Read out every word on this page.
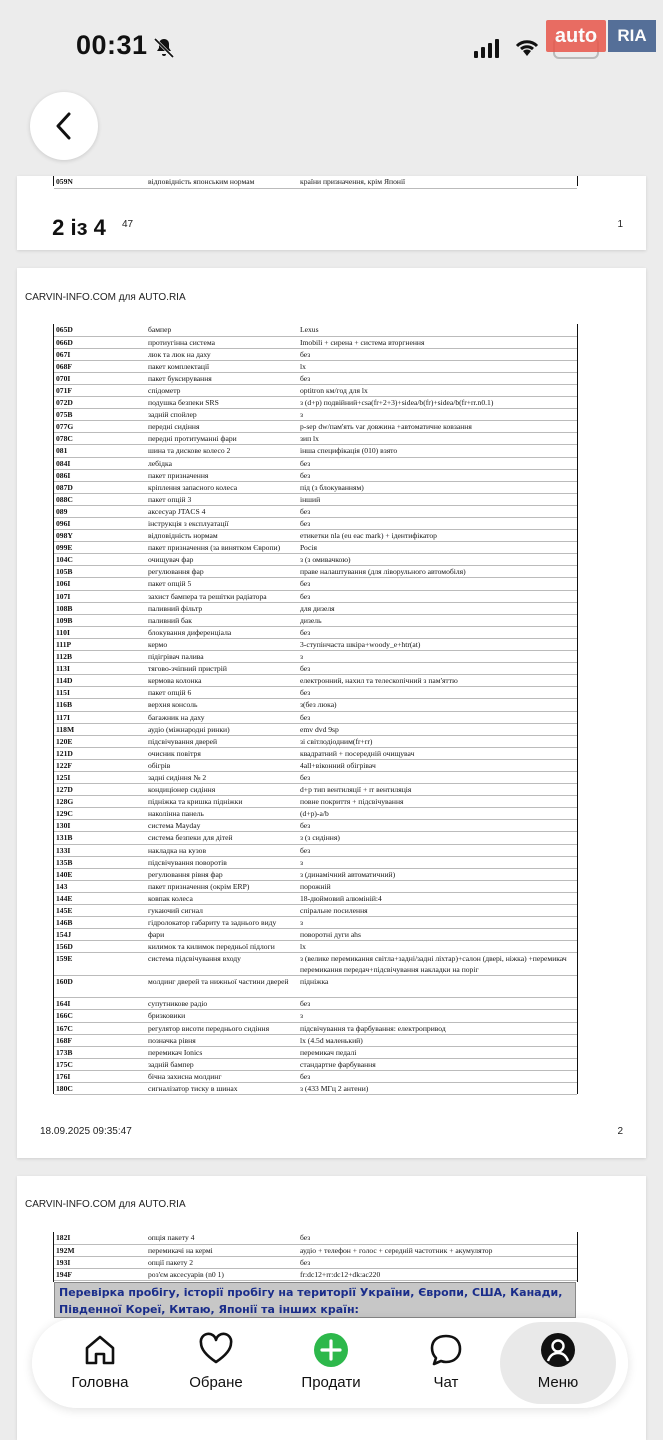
00:31	auto	RIA
059N	відповідність японським нормам	країни призначення, крім Японії
47	1
2 із 4
CARVIN-INFO.COM для AUTO.RIA
065D	бампер	Lexus
066D	протиугінна система	Imobili + сирена + система вторгнення
067I	люк та люк на даху	без
068F	пакет комплектації	lx
070I	пакет буксирування	без
071F	спідометр	optitron км/год для lx
072D	подушка безпеки SRS	з (d+p) подвійний+csa(fr+2+3)+sidea/b(fr)+sidea/b(fr+rr.n0.1)
075B	задній спойлер	з
077G	передні сидіння	p-sep dw/пам'ять var довжина +автоматичне ковзання
078C	передні протитуманні фари	зип lx
081	шина та дискове колесо 2	інша специфікація (010) взято
084I	лебідка	без
086I	пакет призначення	без
087D	кріплення запасного колеса	під (з блокуванням)
088C	пакет опцій 3	інший
089	аксесуар JTACS 4	без
096I	інструкція з експлуатації	без
098Y	відповідність нормам	етикетки nla (eu eac mark) + ідентифікатор
099E	пакет призначення (за винятком Європи)	Росія
104C	очищувач фар	з (з омивачкою)
105B	регулювання фар	праве налаштування (для ліворульного автомобіля)
106I	пакет опцій 5	без
107I	захист бампера та решітки радіатора	без
108B	паливний фільтр	для дизеля
109B	паливний бак	дизель
110I	блокування диференціала	без
111P	кермо	3-ступінчаста шкіра+woody_e+htr(at)
112B	підігрівач палива	з
113I	тягово-зчіпний пристрій	без
114D	кермова колонка	електронний, нахил та телескопічний з пам'яттю
115I	пакет опцій 6	без
116B	верхня консоль	з(без люка)
117I	багажник на даху	без
118M	аудіо (міжнародні ринки)	emv dvd 9sp
120E	підсвічування дверей	зі світлодіодним(fr+rr)
121D	очисник повітря	квадратний + посередній очищувач
122F	обігрів	4all+віконний обігрівач
125I	задні сидіння № 2	без
127D	кондиціонер сидіння	d+p тип вентиляції + rr вентиляція
128G	підніжка та кришка підніжки	повне покриття + підсвічування
129C	наколінна панель	(d+p)-a/b
130I	система Mayday	без
131B	система безпеки для дітей	з (з сидіння)
133I	накладка на кузов	без
135B	підсвічування поворотів	з
140E	регулювання рівня фар	з (динамічний автоматичний)
143	пакет призначення (окрім ERP)	порожній
144E	ковпак колеса	18-дюймовий алюміній:4
145E	гукаючий сигнал	спіральне посилення
146B	гідролокатор габариту та заднього виду	з
154J	фари	поворотні дуги ahs
156D	килимок та килимок передньої підлоги	lx
159E	система підсвічування входу	з (велике перемикання світла+задні/задні ліхтар)+салон (двері, ніжка) +перемикач перемикання передач+підсвічування накладки на поріг
160D	молдинг дверей та нижньої частини дверей	підніжка
164I	супутникове радіо	без
166C	бризковики	з
167C	регулятор висоти переднього сидіння	підсвічування та фарбування: електропривод
168F	позначка рівня	lx (4.5d маленький)
173B	перемикач Ionics	перемикач педалі
175C	задній бампер	стандартне фарбування
176I	бічна захисна молдинг	без
180C	сигналізатор тиску в шинах	з (433 МГц 2 антени)
18.09.2025 09:35:47	2
CARVIN-INFO.COM для AUTO.RIA
182I	опція пакету 4	без
192M	перемикачі на кермі	аудіо + телефон + голос + середній частотник + акумулятор
193I	опції пакету 2	без
194F	роз'єм аксесуарів (n0 1)	fr:dc12+rr:dc12+dk:ac220
Перевірка пробігу, історії пробігу на території України, Європи, США, Канади, Південної Кореї, Китаю, Японії та інших країн:
Головна	Обране	Продати	Чат	Меню
